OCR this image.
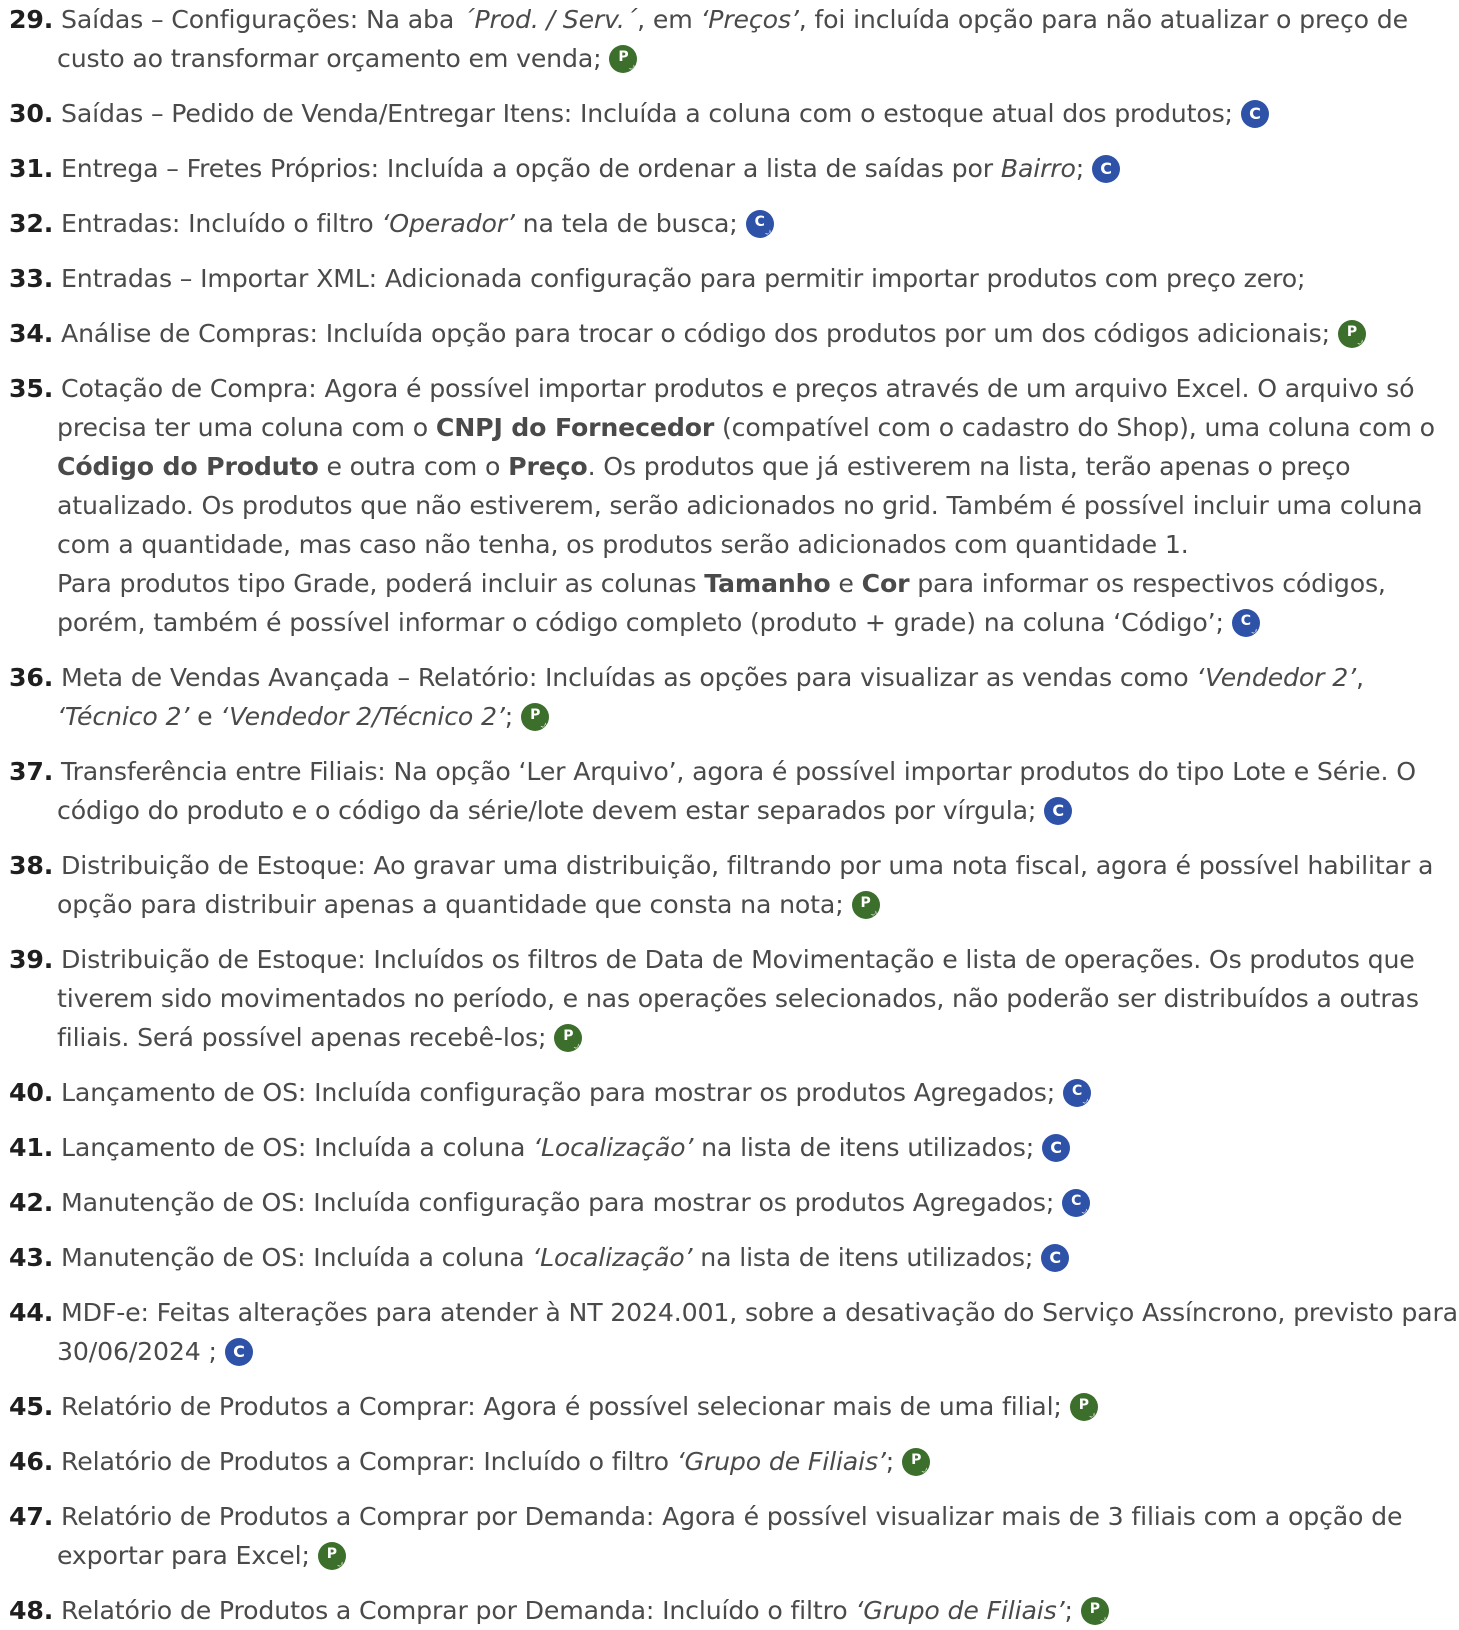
29. Saídas – Configurações: Na aba ´Prod. / Serv.´, em ‘Preços’, foi incluída opção para não atualizar o preço de custo ao transformar orçamento em venda;	P
☆
30. Saídas – Pedido de Venda/Entregar Itens: Incluída a coluna com o estoque atual dos produtos;	C
31. Entrega – Fretes Próprios: Incluída a opção de ordenar a lista de saídas por Bairro;	C
32. Entradas: Incluído o filtro ‘Operador’ na tela de busca;	C
☆
33. Entradas – Importar XML: Adicionada configuração para permitir importar produtos com preço zero;
34. Análise de Compras: Incluída opção para trocar o código dos produtos por um dos códigos adicionais;	P
☆
35. Cotação de Compra: Agora é possível importar produtos e preços através de um arquivo Excel. O arquivo só precisa ter uma coluna com o CNPJ do Fornecedor (compatível com o cadastro do Shop), uma coluna com o Código do Produto e outra com o Preço. Os produtos que já estiverem na lista, terão apenas o preço atualizado. Os produtos que não estiverem, serão adicionados no grid. Também é possível incluir uma coluna com a quantidade, mas caso não tenha, os produtos serão adicionados com quantidade 1.
Para produtos tipo Grade, poderá incluir as colunas Tamanho e Cor para informar os respectivos códigos, porém, também é possível informar o código completo (produto + grade) na coluna ‘Código’;	C
☆
36. Meta de Vendas Avançada – Relatório: Incluídas as opções para visualizar as vendas como ‘Vendedor 2’, ‘Técnico 2’ e ‘Vendedor 2/Técnico 2’;	P
☆
37. Transferência entre Filiais: Na opção ‘Ler Arquivo’, agora é possível importar produtos do tipo Lote e Série. O código do produto e o código da série/lote devem estar separados por vírgula;	C
38. Distribuição de Estoque: Ao gravar uma distribuição, filtrando por uma nota fiscal, agora é possível habilitar a opção para distribuir apenas a quantidade que consta na nota;	P
☆
39. Distribuição de Estoque: Incluídos os filtros de Data de Movimentação e lista de operações. Os produtos que tiverem sido movimentados no período, e nas operações selecionados, não poderão ser distribuídos a outras filiais. Será possível apenas recebê-los;	P
☆
40. Lançamento de OS: Incluída configuração para mostrar os produtos Agregados;	C
☆
41. Lançamento de OS: Incluída a coluna ‘Localização’ na lista de itens utilizados;	C
42. Manutenção de OS: Incluída configuração para mostrar os produtos Agregados;	C
☆
43. Manutenção de OS: Incluída a coluna ‘Localização’ na lista de itens utilizados;	C
44. MDF-e: Feitas alterações para atender à NT 2024.001, sobre a desativação do Serviço Assíncrono, previsto para 30/06/2024 ;	C
45. Relatório de Produtos a Comprar: Agora é possível selecionar mais de uma filial;	P
☆
46. Relatório de Produtos a Comprar: Incluído o filtro ‘Grupo de Filiais’;	P
☆
47. Relatório de Produtos a Comprar por Demanda: Agora é possível visualizar mais de 3 filiais com a opção de exportar para Excel;	P
☆
48. Relatório de Produtos a Comprar por Demanda: Incluído o filtro ‘Grupo de Filiais’;	P
☆
